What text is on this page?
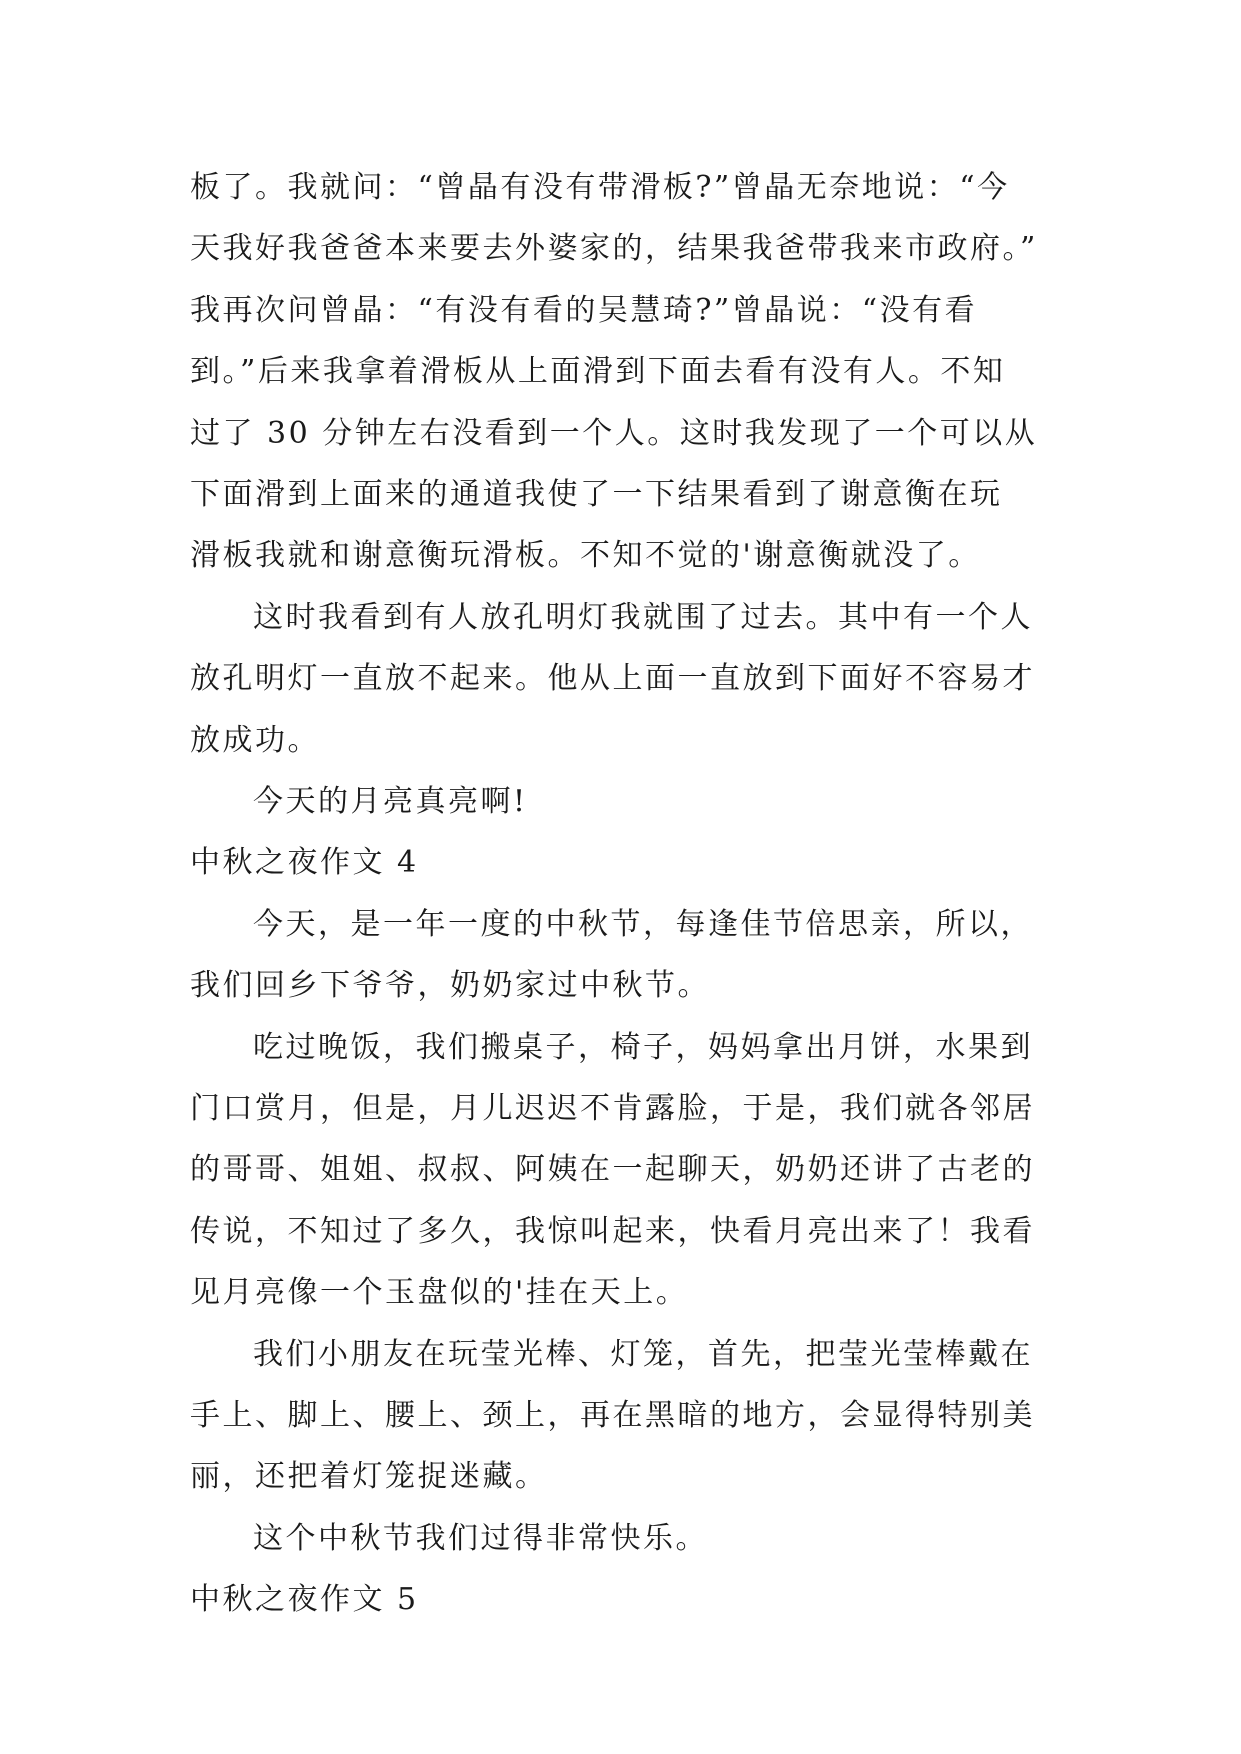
板了。我就问：“曾晶有没有带滑板?”曾晶无奈地说：“今
天我好我爸爸本来要去外婆家的，结果我爸带我来市政府。”
我再次问曾晶：“有没有看的吴慧琦?”曾晶说：“没有看
到。”后来我拿着滑板从上面滑到下面去看有没有人。不知
过了 30 分钟左右没看到一个人。这时我发现了一个可以从
下面滑到上面来的通道我使了一下结果看到了谢意衡在玩
滑板我就和谢意衡玩滑板。不知不觉的'谢意衡就没了。
这时我看到有人放孔明灯我就围了过去。其中有一个人
放孔明灯一直放不起来。他从上面一直放到下面好不容易才
放成功。
今天的月亮真亮啊!
中秋之夜作文 4
今天，是一年一度的中秋节，每逢佳节倍思亲，所以，
我们回乡下爷爷，奶奶家过中秋节。
吃过晚饭，我们搬桌子，椅子，妈妈拿出月饼，水果到
门口赏月，但是，月儿迟迟不肯露脸，于是，我们就各邻居
的哥哥、姐姐、叔叔、阿姨在一起聊天，奶奶还讲了古老的
传说，不知过了多久，我惊叫起来，快看月亮出来了！我看
见月亮像一个玉盘似的'挂在天上。
我们小朋友在玩莹光棒、灯笼，首先，把莹光莹棒戴在
手上、脚上、腰上、颈上，再在黑暗的地方，会显得特别美
丽，还把着灯笼捉迷藏。
这个中秋节我们过得非常快乐。
中秋之夜作文 5
